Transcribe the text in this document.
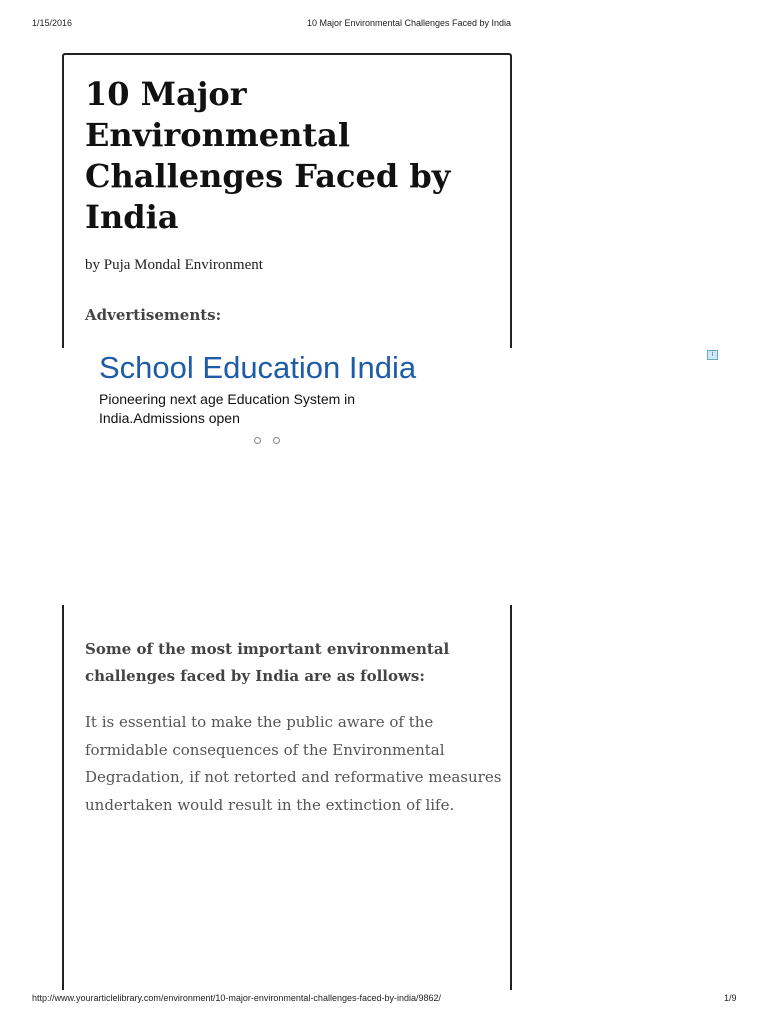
1/15/2016	10 Major Environmental Challenges Faced by India
10 Major Environmental Challenges Faced by India
by Puja Mondal Environment
Advertisements:
School Education India
Pioneering next age Education System in India.Admissions open

i

Some of the most important environmental challenges faced by India are as follows:

It is essential to make the public aware of the formidable consequences of the Environmental Degradation, if not retorted and reformative measures undertaken would result in the extinction of life.

http://www.yourarticlelibrary.com/environment/10-major-environmental-challenges-faced-by-india/9862/	1/9
